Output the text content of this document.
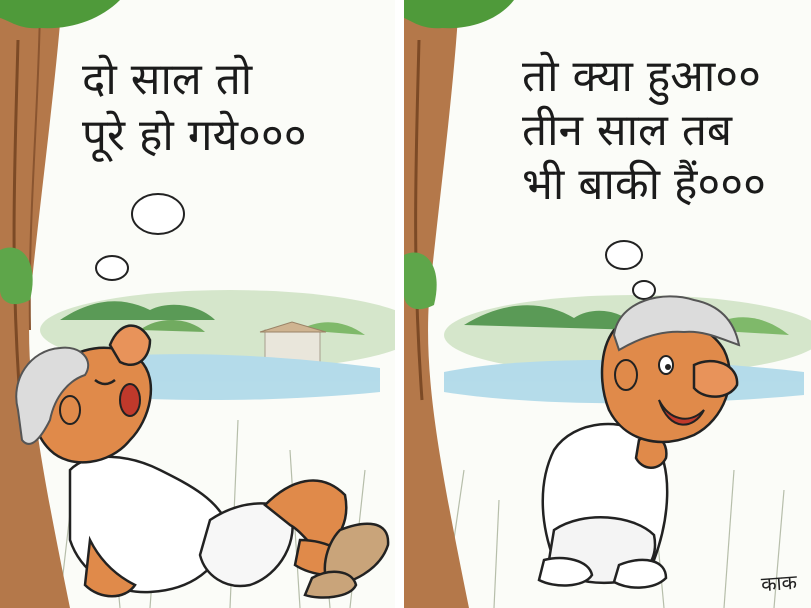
दो साल तो
पूरे हो गये०००
तो क्या हुआ००
तीन साल तब
भी बाकी हैं०००
काक
